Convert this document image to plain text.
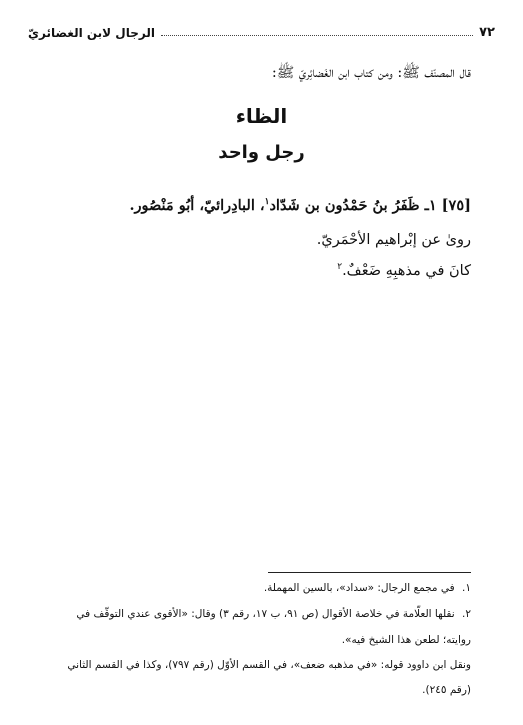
٧٢
الرجال لابن الغضائريّ
قال المصنّف ﷺ: ومن كتاب ابن الغَضائِريّ ﷺ:
الظاء
رجل واحد
[٧٥] ١ـ ظَفَرُ بنُ حَمْدُون بن شَدّاد$^١$، البادِرائيّ، أبُو مَنْصُور.
روىٰ عن إبْراهيم الأحْمَريّ.
كانَ في مذهبِهِ ضَعْفٌ.$^٢$
١. في مجمع الرجال: «سداد»، بالسين المهملة.
٢. نقلها العلّامة في خلاصة الأقوال (ص ٩١، ب ١٧، رقم ٣) وقال: «الأقوى عندي التوقّف في
روايته؛ لطعن هذا الشيخ فيه».
ونقل ابن داوود قوله: «في مذهبه ضعف»، في القسم الأوّل (رقم ٧٩٧)، وكذا في القسم الثاني
(رقم ٢٤٥).
